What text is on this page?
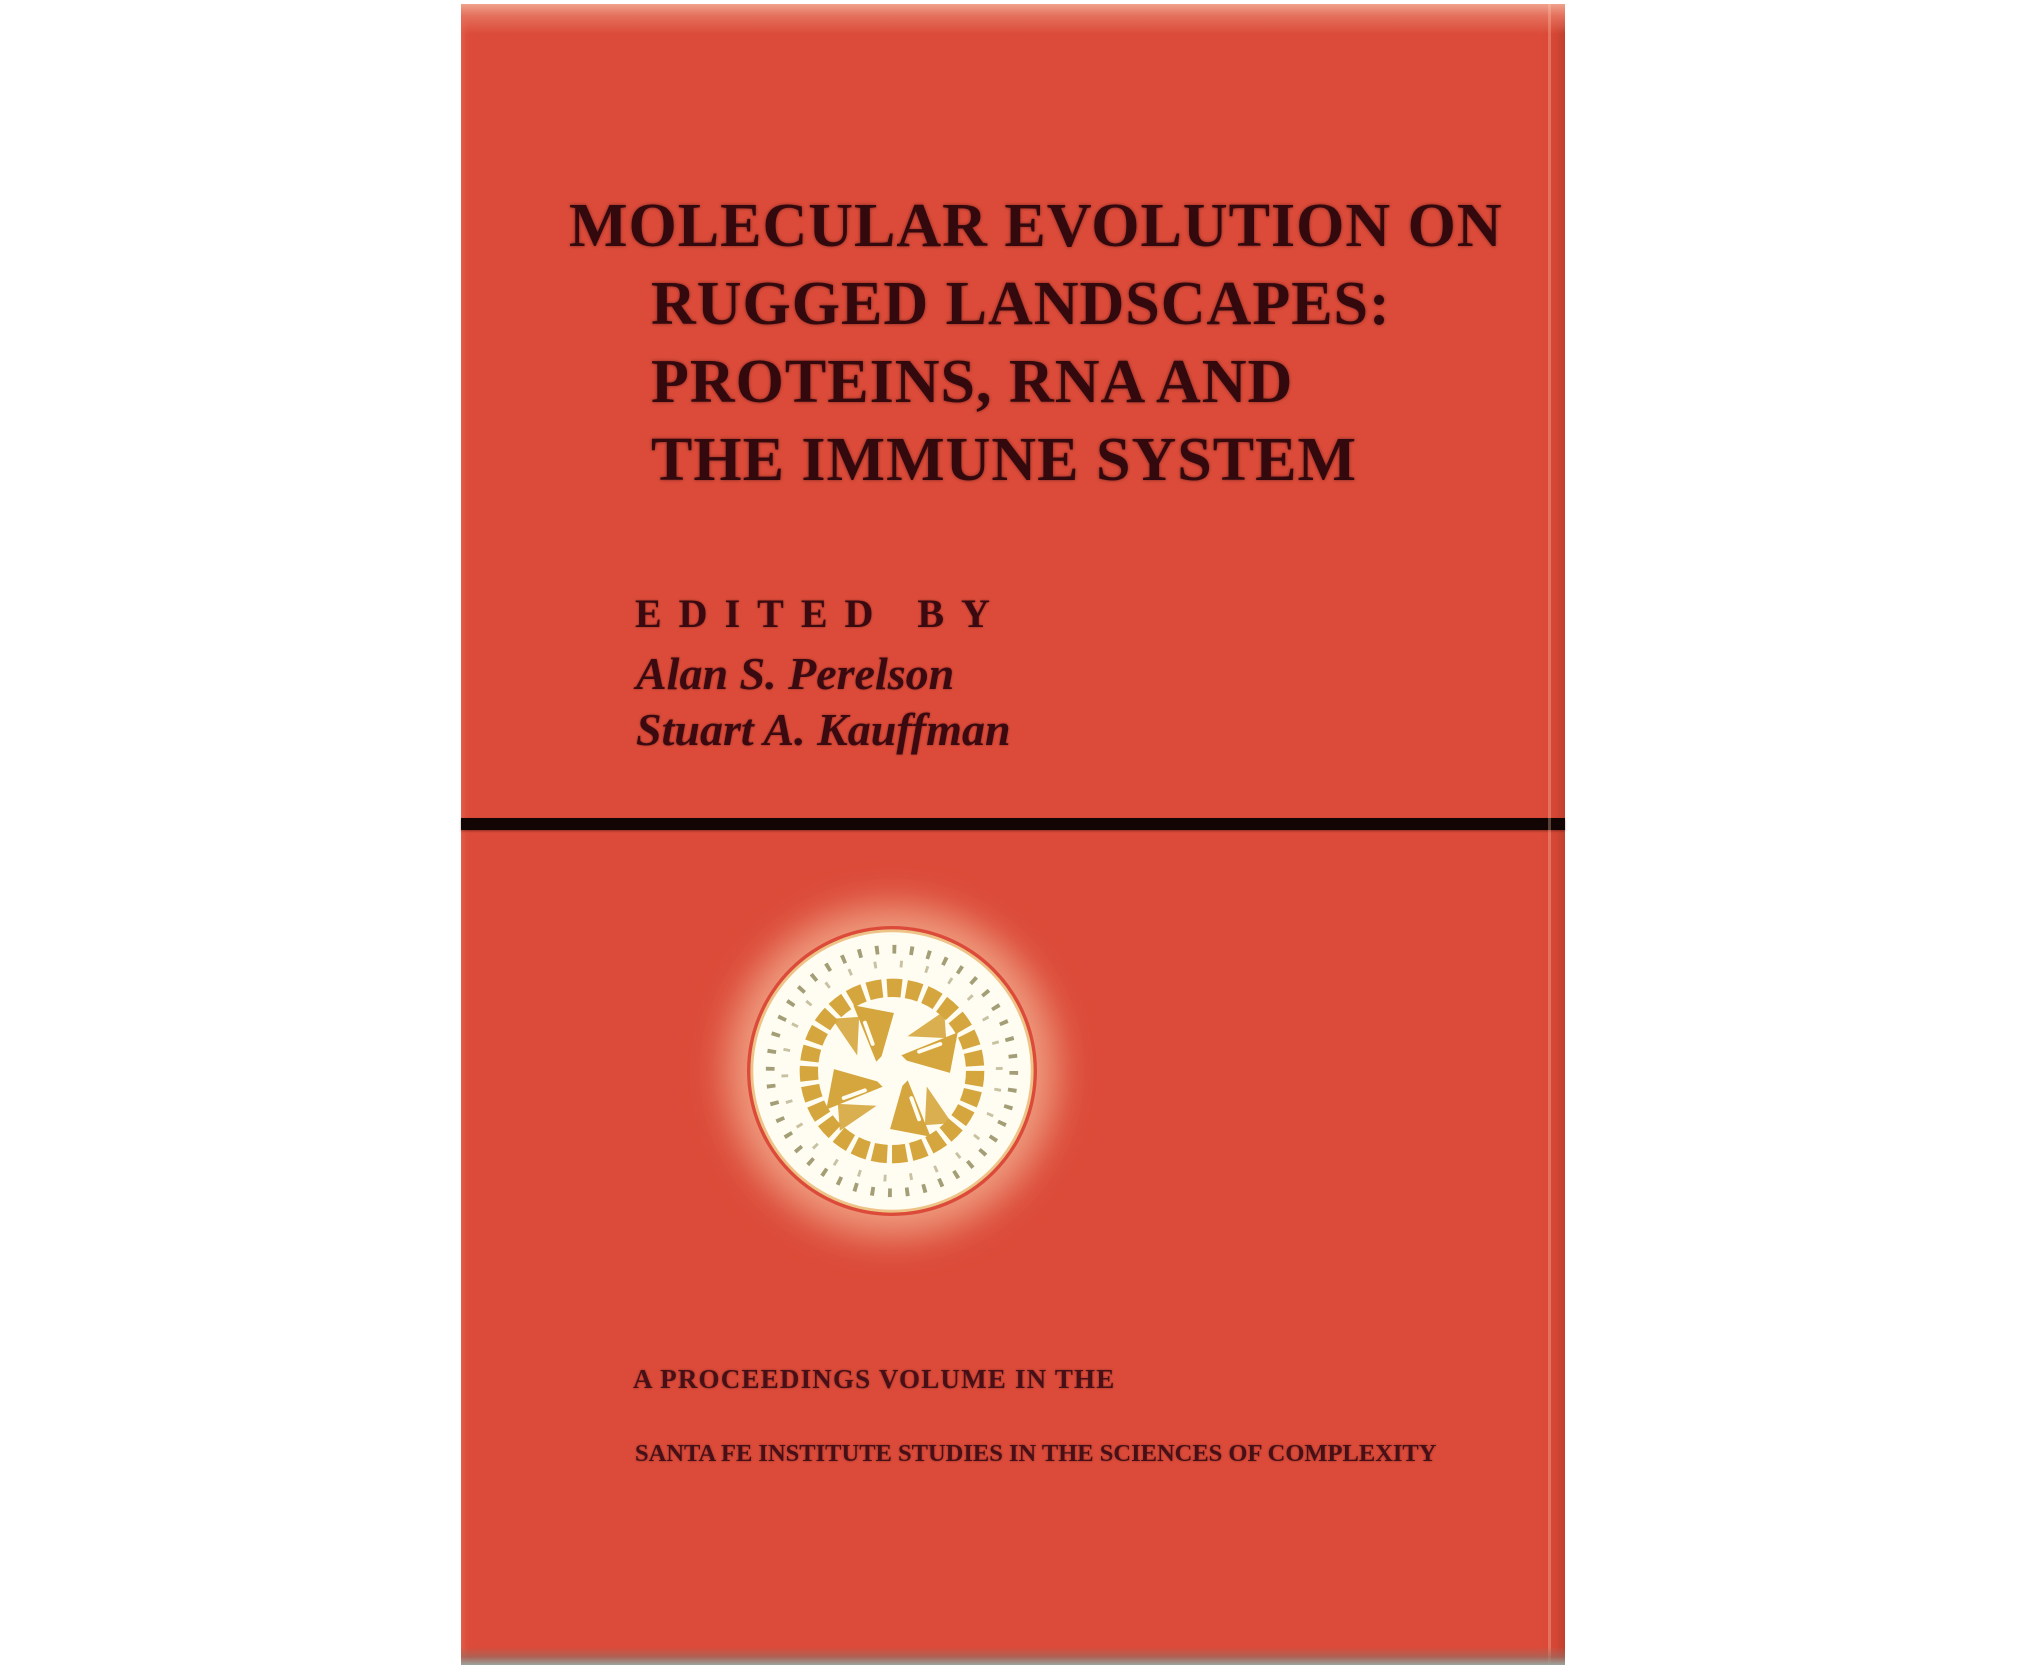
MOLECULAR EVOLUTION ON
RUGGED LANDSCAPES:
PROTEINS, RNA AND
THE IMMUNE SYSTEM
EDITED BY
Alan S. Perelson
Stuart A. Kauffman
A PROCEEDINGS VOLUME IN THE
SANTA FE INSTITUTE STUDIES IN THE SCIENCES OF COMPLEXITY
